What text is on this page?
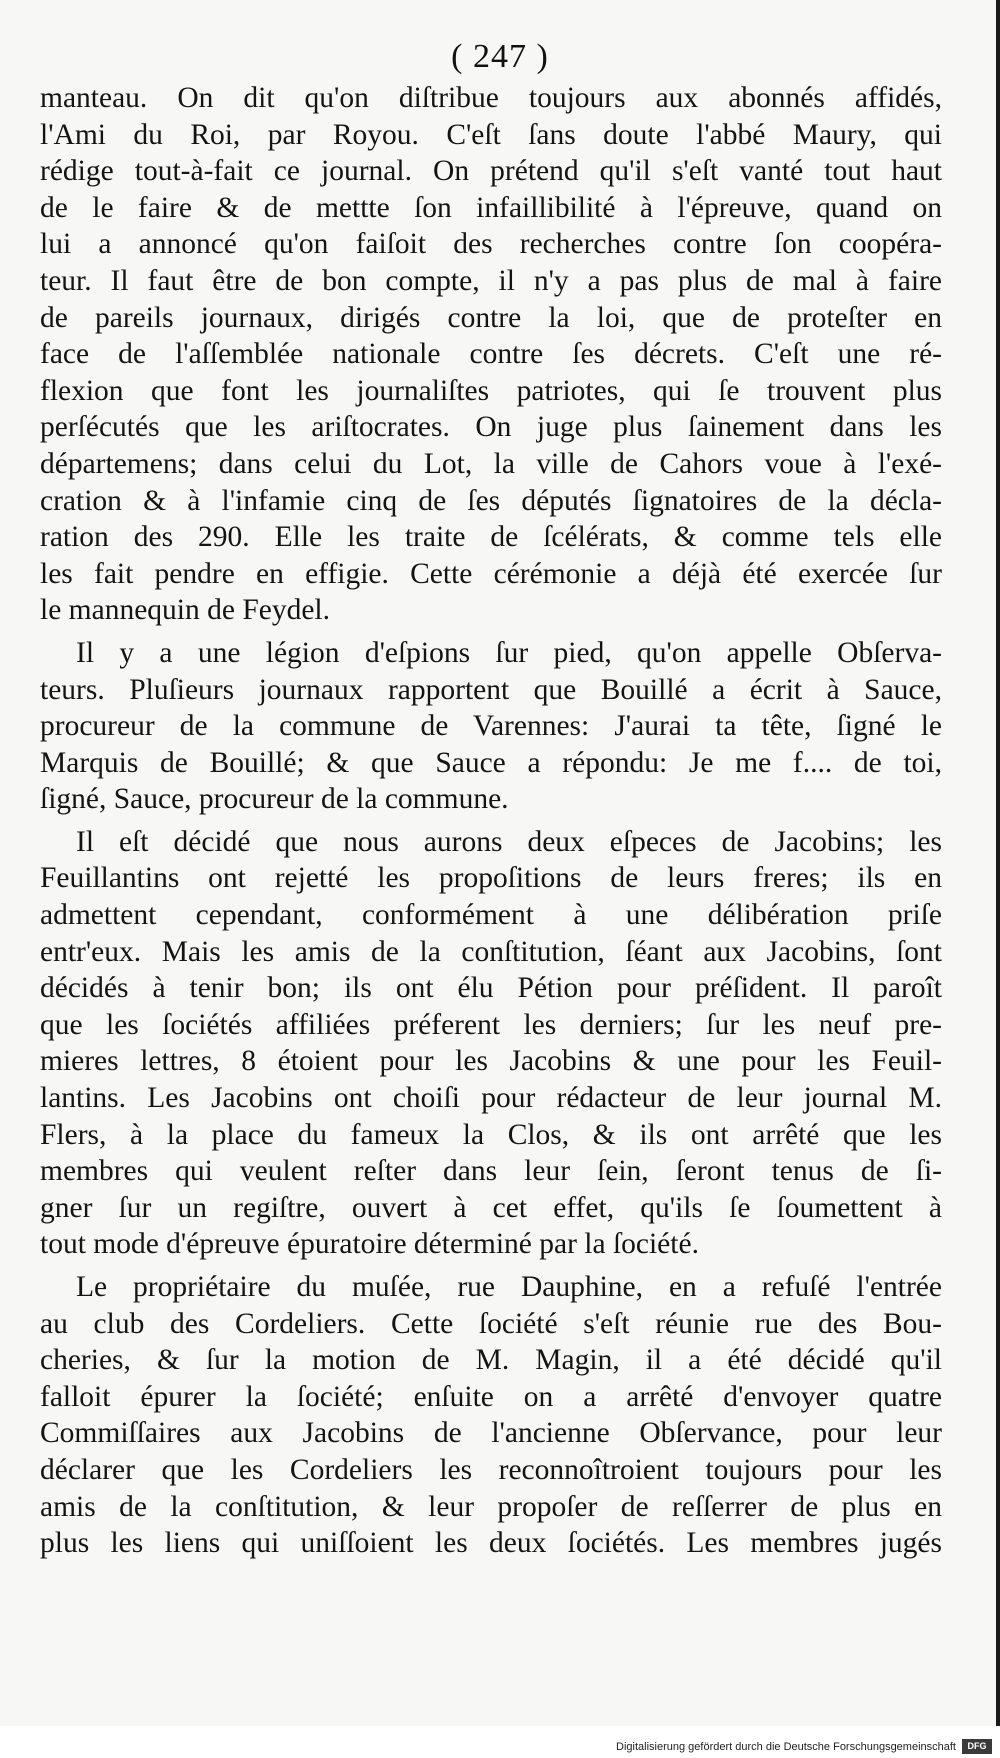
( 247 )
manteau. On dit qu'on diſtribue toujours aux abonnés affidés,
l'Ami du Roi, par Royou. C'eſt ſans doute l'abbé Maury, qui
rédige tout-à-fait ce journal. On prétend qu'il s'eſt vanté tout haut
de le faire & de mettte ſon infaillibilité à l'épreuve, quand on
lui a annoncé qu'on faiſoit des recherches contre ſon coopéra-
teur. Il faut être de bon compte, il n'y a pas plus de mal à faire
de pareils journaux, dirigés contre la loi, que de proteſter en
face de l'aſſemblée nationale contre ſes décrets. C'eſt une ré-
flexion que font les journaliſtes patriotes, qui ſe trouvent plus
perſécutés que les ariſtocrates. On juge plus ſainement dans les
départemens; dans celui du Lot, la ville de Cahors voue à l'exé-
cration & à l'infamie cinq de ſes députés ſignatoires de la décla-
ration des 290. Elle les traite de ſcélérats, & comme tels elle
les fait pendre en effigie. Cette cérémonie a déjà été exercée ſur
le mannequin de Feydel.
Il y a une légion d'eſpions ſur pied, qu'on appelle Obſerva-
teurs. Pluſieurs journaux rapportent que Bouillé a écrit à Sauce,
procureur de la commune de Varennes: J'aurai ta tête, ſigné le
Marquis de Bouillé; & que Sauce a répondu: Je me f.... de toi,
ſigné, Sauce, procureur de la commune.
Il eſt décidé que nous aurons deux eſpeces de Jacobins; les
Feuillantins ont rejetté les propoſitions de leurs freres; ils en
admettent cependant, conformément à une délibération priſe
entr'eux. Mais les amis de la conſtitution, ſéant aux Jacobins, ſont
décidés à tenir bon; ils ont élu Pétion pour préſident. Il paroît
que les ſociétés affiliées préferent les derniers; ſur les neuf pre-
mieres lettres, 8 étoient pour les Jacobins & une pour les Feuil-
lantins. Les Jacobins ont choiſi pour rédacteur de leur journal M.
Flers, à la place du fameux la Clos, & ils ont arrêté que les
membres qui veulent reſter dans leur ſein, ſeront tenus de ſi-
gner ſur un regiſtre, ouvert à cet effet, qu'ils ſe ſoumettent à
tout mode d'épreuve épuratoire déterminé par la ſociété.
Le propriétaire du muſée, rue Dauphine, en a refuſé l'entrée
au club des Cordeliers. Cette ſociété s'eſt réunie rue des Bou-
cheries, & ſur la motion de M. Magin, il a été décidé qu'il
falloit épurer la ſociété; enſuite on a arrêté d'envoyer quatre
Commiſſaires aux Jacobins de l'ancienne Obſervance, pour leur
déclarer que les Cordeliers les reconnoîtroient toujours pour les
amis de la conſtitution, & leur propoſer de reſſerrer de plus en
plus les liens qui uniſſoient les deux ſociétés. Les membres jugés
Digitalisierung gefördert durch die Deutsche Forschungsgemeinschaft	DFG
